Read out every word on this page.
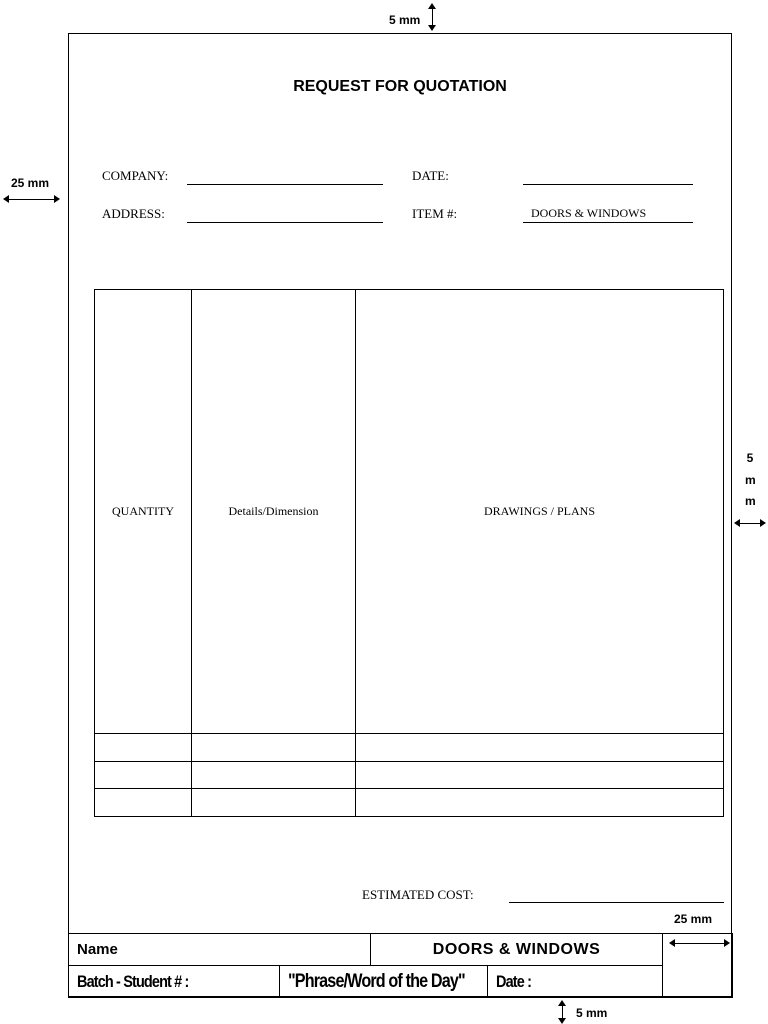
5 mm
25 mm
5
m
m
25 mm
5 mm
REQUEST FOR QUOTATION
COMPANY:	DATE:
ADDRESS:	ITEM #:	DOORS & WINDOWS
QUANTITY	Details/Dimension	DRAWINGS / PLANS

ESTIMATED COST:
Name		DOORS & WINDOWS		
Batch - Student # :	"Phrase/Word of the Day"		Date :	
